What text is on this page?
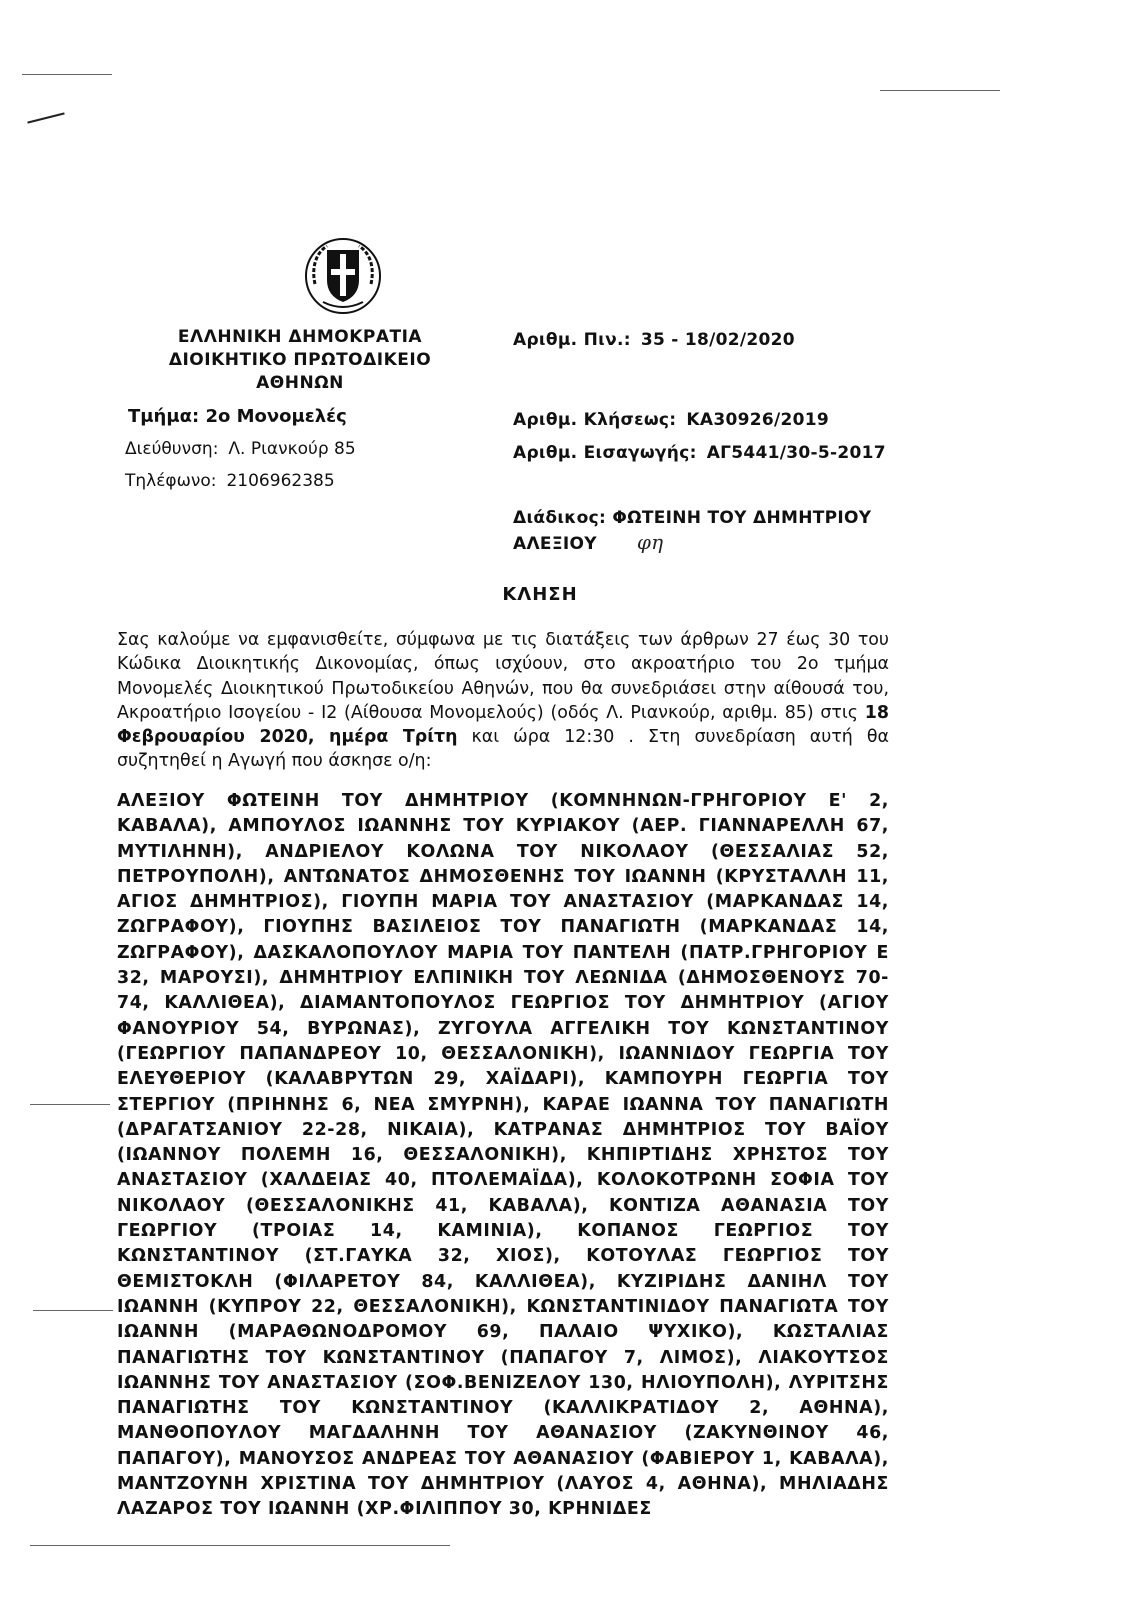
ΕΛΛΗΝΙΚΗ ΔΗΜΟΚΡΑΤΙΑ
ΔΙΟΙΚΗΤΙΚΟ ΠΡΩΤΟΔΙΚΕΙΟ
ΑΘΗΝΩΝ
Τμήμα: 2ο Μονομελές
Διεύθυνση: Λ. Ριανκούρ 85
Τηλέφωνο: 2106962385
Αριθμ. Πιν.: 35 - 18/02/2020
Αριθμ. Κλήσεως: ΚΑ30926/2019
Αριθμ. Εισαγωγής: ΑΓ5441/30-5-2017
Διάδικος: ΦΩΤΕΙΝΗ ΤΟΥ ΔΗΜΗΤΡΙΟΥ
ΑΛΕΞΙΟΥ φη
ΚΛΗΣΗ

Σας καλούμε να εμφανισθείτε, σύμφωνα με τις διατάξεις των άρθρων 27 έως 30 του Κώδικα Διοικητικής Δικονομίας, όπως ισχύουν, στο ακροατήριο του 2ο τμήμα Μονομελές Διοικητικού Πρωτοδικείου Αθηνών, που θα συνεδριάσει στην αίθουσά του, Ακροατήριο Ισογείου - Ι2 (Αίθουσα Μονομελούς) (οδός Λ. Ριανκούρ, αριθμ. 85) στις 18 Φεβρουαρίου 2020, ημέρα Τρίτη και ώρα 12:30 . Στη συνεδρίαση αυτή θα συζητηθεί η Αγωγή που άσκησε ο/η:

ΑΛΕΞΙΟΥ ΦΩΤΕΙΝΗ ΤΟΥ ΔΗΜΗΤΡΙΟΥ (ΚΟΜΝΗΝΩΝ-ΓΡΗΓΟΡΙΟΥ Ε' 2, ΚΑΒΑΛΑ), ΑΜΠΟΥΛΟΣ ΙΩΑΝΝΗΣ ΤΟΥ ΚΥΡΙΑΚΟΥ (ΑΕΡ. ΓΙΑΝΝΑΡΕΛΛΗ 67, ΜΥΤΙΛΗΝΗ), ΑΝΔΡΙΕΛΟΥ ΚΟΛΩΝΑ ΤΟΥ ΝΙΚΟΛΑΟΥ (ΘΕΣΣΑΛΙΑΣ 52, ΠΕΤΡΟΥΠΟΛΗ), ΑΝΤΩΝΑΤΟΣ ΔΗΜΟΣΘΕΝΗΣ ΤΟΥ ΙΩΑΝΝΗ (ΚΡΥΣΤΑΛΛΗ 11, ΑΓΙΟΣ ΔΗΜΗΤΡΙΟΣ), ΓΙΟΥΠΗ ΜΑΡΙΑ ΤΟΥ ΑΝΑΣΤΑΣΙΟΥ (ΜΑΡΚΑΝΔΑΣ 14, ΖΩΓΡΑΦΟΥ), ΓΙΟΥΠΗΣ ΒΑΣΙΛΕΙΟΣ ΤΟΥ ΠΑΝΑΓΙΩΤΗ (ΜΑΡΚΑΝΔΑΣ 14, ΖΩΓΡΑΦΟΥ), ΔΑΣΚΑΛΟΠΟΥΛΟΥ ΜΑΡΙΑ ΤΟΥ ΠΑΝΤΕΛΗ (ΠΑΤΡ.ΓΡΗΓΟΡΙΟΥ Ε 32, ΜΑΡΟΥΣΙ), ΔΗΜΗΤΡΙΟΥ ΕΛΠΙΝΙΚΗ ΤΟΥ ΛΕΩΝΙΔΑ (ΔΗΜΟΣΘΕΝΟΥΣ 70-74, ΚΑΛΛΙΘΕΑ), ΔΙΑΜΑΝΤΟΠΟΥΛΟΣ ΓΕΩΡΓΙΟΣ ΤΟΥ ΔΗΜΗΤΡΙΟΥ (ΑΓΙΟΥ ΦΑΝΟΥΡΙΟΥ 54, ΒΥΡΩΝΑΣ), ΖΥΓΟΥΛΑ ΑΓΓΕΛΙΚΗ ΤΟΥ ΚΩΝΣΤΑΝΤΙΝΟΥ (ΓΕΩΡΓΙΟΥ ΠΑΠΑΝΔΡΕΟΥ 10, ΘΕΣΣΑΛΟΝΙΚΗ), ΙΩΑΝΝΙΔΟΥ ΓΕΩΡΓΙΑ ΤΟΥ ΕΛΕΥΘΕΡΙΟΥ (ΚΑΛΑΒΡΥΤΩΝ 29, ΧΑΪΔΑΡΙ), ΚΑΜΠΟΥΡΗ ΓΕΩΡΓΙΑ ΤΟΥ ΣΤΕΡΓΙΟΥ (ΠΡΙΗΝΗΣ 6, ΝΕΑ ΣΜΥΡΝΗ), ΚΑΡΑΕ ΙΩΑΝΝΑ ΤΟΥ ΠΑΝΑΓΙΩΤΗ (ΔΡΑΓΑΤΣΑΝΙΟΥ 22-28, ΝΙΚΑΙΑ), ΚΑΤΡΑΝΑΣ ΔΗΜΗΤΡΙΟΣ ΤΟΥ ΒΑΪΟΥ (ΙΩΑΝΝΟΥ ΠΟΛΕΜΗ 16, ΘΕΣΣΑΛΟΝΙΚΗ), ΚΗΠΙΡΤΙΔΗΣ ΧΡΗΣΤΟΣ ΤΟΥ ΑΝΑΣΤΑΣΙΟΥ (ΧΑΛΔΕΙΑΣ 40, ΠΤΟΛΕΜΑΪΔΑ), ΚΟΛΟΚΟΤΡΩΝΗ ΣΟΦΙΑ ΤΟΥ ΝΙΚΟΛΑΟΥ (ΘΕΣΣΑΛΟΝΙΚΗΣ 41, ΚΑΒΑΛΑ), ΚΟΝΤΙΖΑ ΑΘΑΝΑΣΙΑ ΤΟΥ ΓΕΩΡΓΙΟΥ (ΤΡΟΙΑΣ 14, ΚΑΜΙΝΙΑ), ΚΟΠΑΝΟΣ ΓΕΩΡΓΙΟΣ ΤΟΥ ΚΩΝΣΤΑΝΤΙΝΟΥ (ΣΤ.ΓΑΥΚΑ 32, ΧΙΟΣ), ΚΟΤΟΥΛΑΣ ΓΕΩΡΓΙΟΣ ΤΟΥ ΘΕΜΙΣΤΟΚΛΗ (ΦΙΛΑΡΕΤΟΥ 84, ΚΑΛΛΙΘΕΑ), ΚΥΖΙΡΙΔΗΣ ΔΑΝΙΗΛ ΤΟΥ ΙΩΑΝΝΗ (ΚΥΠΡΟΥ 22, ΘΕΣΣΑΛΟΝΙΚΗ), ΚΩΝΣΤΑΝΤΙΝΙΔΟΥ ΠΑΝΑΓΙΩΤΑ ΤΟΥ ΙΩΑΝΝΗ (ΜΑΡΑΘΩΝΟΔΡΟΜΟΥ 69, ΠΑΛΑΙΟ ΨΥΧΙΚΟ), ΚΩΣΤΑΛΙΑΣ ΠΑΝΑΓΙΩΤΗΣ ΤΟΥ ΚΩΝΣΤΑΝΤΙΝΟΥ (ΠΑΠΑΓΟΥ 7, ΛΙΜΟΣ), ΛΙΑΚΟΥΤΣΟΣ ΙΩΑΝΝΗΣ ΤΟΥ ΑΝΑΣΤΑΣΙΟΥ (ΣΟΦ.ΒΕΝΙΖΕΛΟΥ 130, ΗΛΙΟΥΠΟΛΗ), ΛΥΡΙΤΣΗΣ ΠΑΝΑΓΙΩΤΗΣ ΤΟΥ ΚΩΝΣΤΑΝΤΙΝΟΥ (ΚΑΛΛΙΚΡΑΤΙΔΟΥ 2, ΑΘΗΝΑ), ΜΑΝΘΟΠΟΥΛΟΥ ΜΑΓΔΑΛΗΝΗ ΤΟΥ ΑΘΑΝΑΣΙΟΥ (ΖΑΚΥΝΘΙΝΟΥ 46, ΠΑΠΑΓΟΥ), ΜΑΝΟΥΣΟΣ ΑΝΔΡΕΑΣ ΤΟΥ ΑΘΑΝΑΣΙΟΥ (ΦΑΒΙΕΡΟΥ 1, ΚΑΒΑΛΑ), ΜΑΝΤΖΟΥΝΗ ΧΡΙΣΤΙΝΑ ΤΟΥ ΔΗΜΗΤΡΙΟΥ (ΛΑΥΟΣ 4, ΑΘΗΝΑ), ΜΗΛΙΑΔΗΣ ΛΑΖΑΡΟΣ ΤΟΥ ΙΩΑΝΝΗ (ΧΡ.ΦΙΛΙΠΠΟΥ 30, ΚΡΗΝΙΔΕΣ
